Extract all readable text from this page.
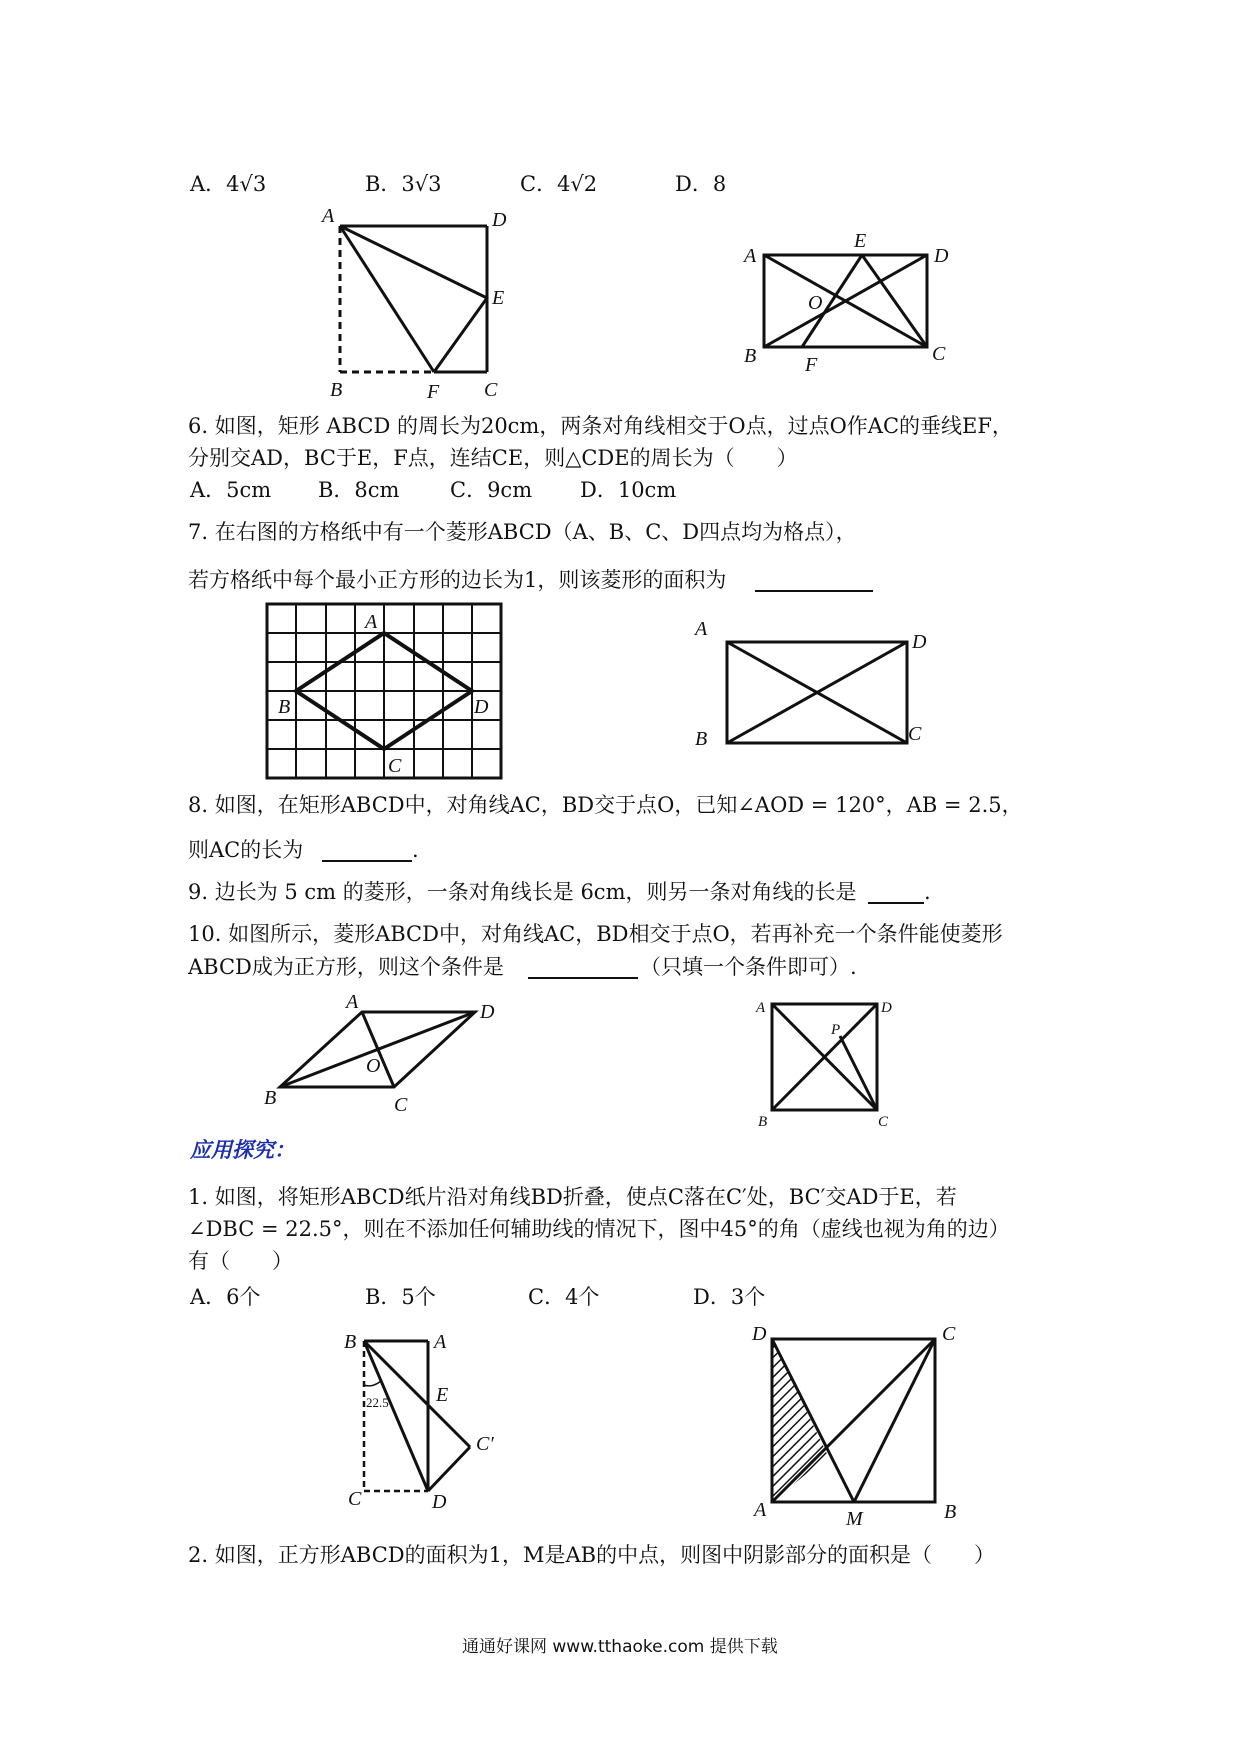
A．4√3	B．3√3	C．4√2	D．8
A	D
E
B	F C
A
E
D
O
B F	C
6. 如图，矩形 ABCD 的周长为20cm，两条对角线相交于O点，过点O作AC的垂线EF，
分别交AD，BC于E，F点，连结CE，则△CDE的周长为（　　）
A．5cm B．8cm C．9cm D．10cm
7. 在右图的方格纸中有一个菱形ABCD（A、B、C、D四点均为格点），
若方格纸中每个最小正方形的边长为1，则该菱形的面积为
A
B	D
C
A
D
B	C
8. 如图，在矩形ABCD中，对角线AC，BD交于点O，已知∠AOD = 120°，AB = 2.5，
则AC的长为	.
9. 边长为 5 cm 的菱形，一条对角线长是 6cm，则另一条对角线的长是	.
10. 如图所示，菱形ABCD中，对角线AC，BD相交于点O，若再补充一个条件能使菱形
ABCD成为正方形，则这个条件是	（只填一个条件即可）.
A	D
O
B	C
A	D
P
B	C
应用探究：
1. 如图，将矩形ABCD纸片沿对角线BD折叠，使点C落在C′处，BC′交AD于E，若
∠DBC = 22.5°，则在不添加任何辅助线的情况下，图中45°的角（虚线也视为角的边）
有（　　）
A．6个	B．5个	C．4个	D．3个
22.5
B	A
E
C′
C	D
D	C
A	M	B
2. 如图，正方形ABCD的面积为1，M是AB的中点，则图中阴影部分的面积是（　　）
通通好课网 www.tthaoke.com 提供下载
